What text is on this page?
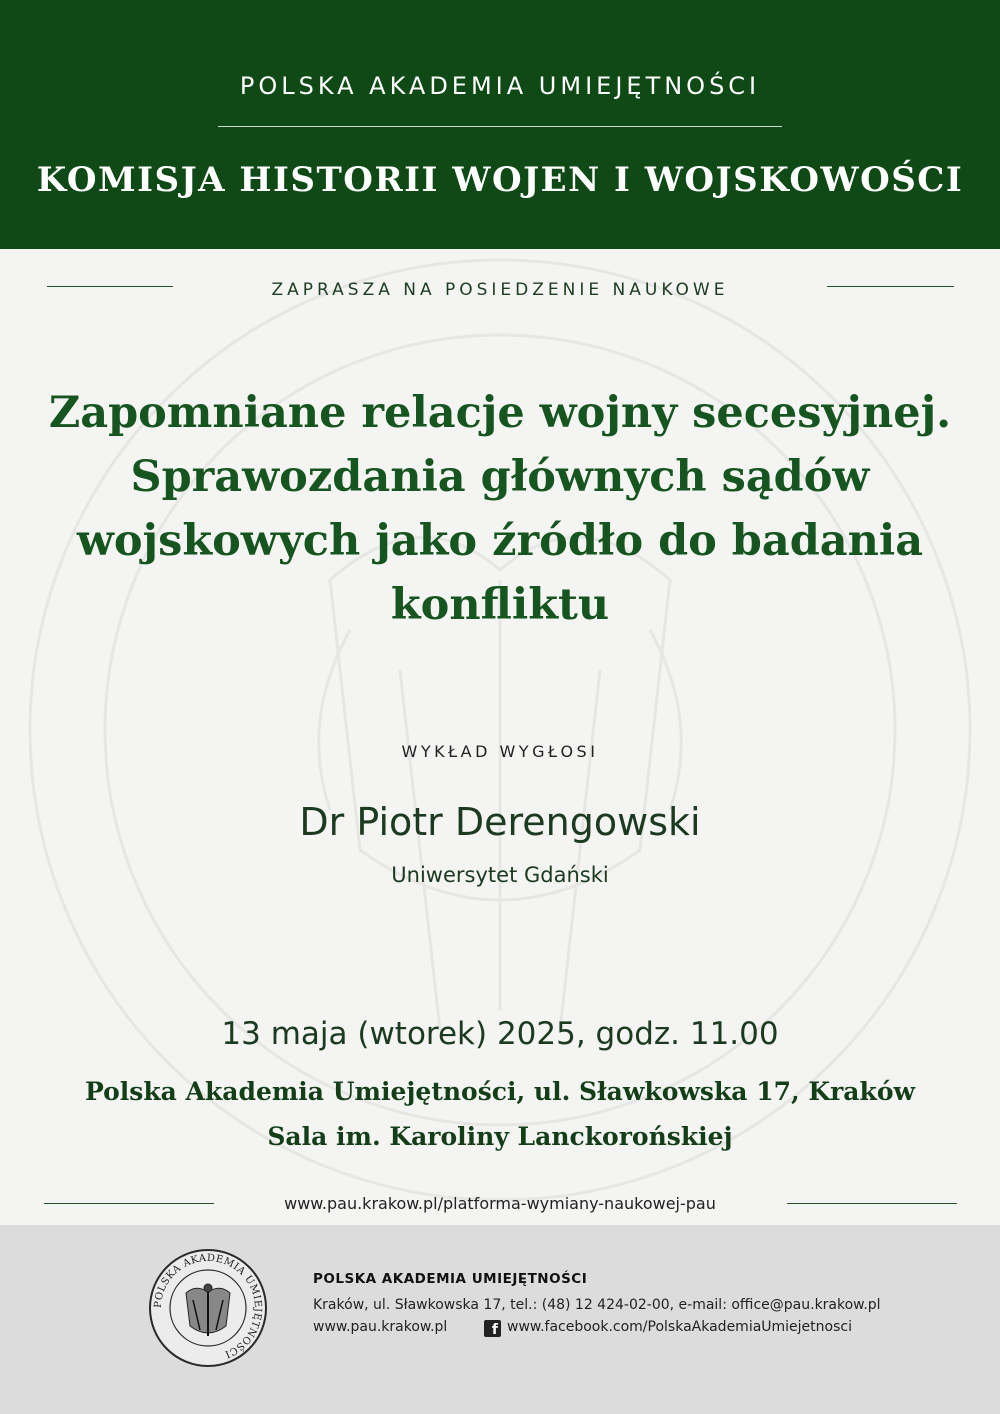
POLSKA AKADEMIA UMIEJĘTNOŚCI
KOMISJA HISTORII WOJEN I WOJSKOWOŚCI
ZAPRASZA NA POSIEDZENIE NAUKOWE
Zapomniane relacje wojny secesyjnej.
Sprawozdania głównych sądów
wojskowych jako źródło do badania
konfliktu
WYKŁAD WYGŁOSI
Dr Piotr Derengowski
Uniwersytet Gdański
13 maja (wtorek) 2025, godz. 11.00
Polska Akademia Umiejętności, ul. Sławkowska 17, Kraków
Sala im. Karoliny Lanckorońskiej
www.pau.krakow.pl/platforma-wymiany-naukowej-pau
POLSKA AKADEMIA UMIEJĘTNOŚCI
POLSKA AKADEMIA UMIEJĘTNOŚCI
Kraków, ul. Sławkowska 17, tel.: (48) 12 424-02-00, e-mail: office@pau.krakow.pl
www.pau.krakow.pl	f www.facebook.com/PolskaAkademiaUmiejetnosci
